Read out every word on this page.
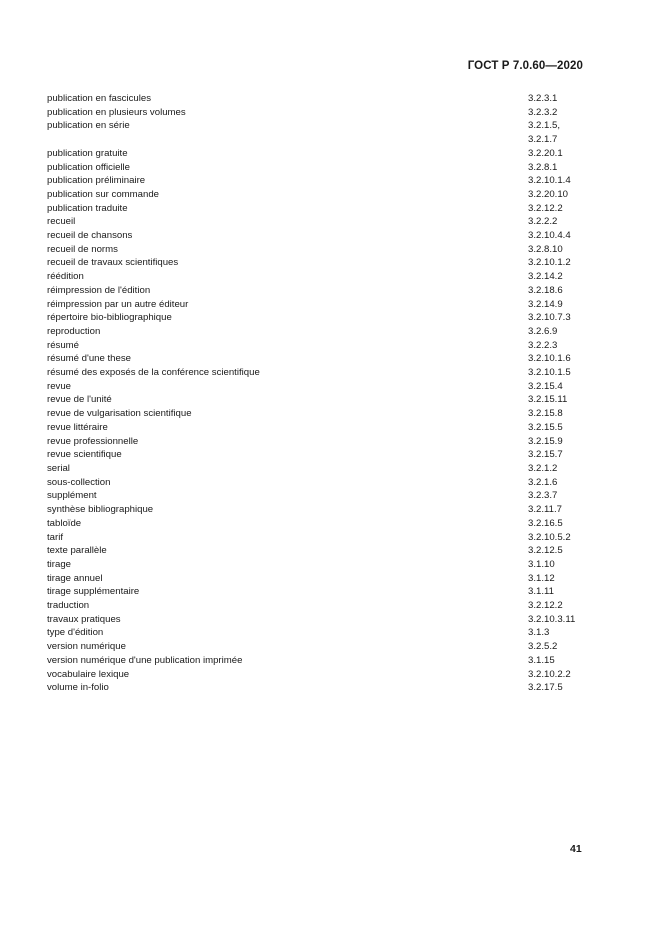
ГОСТ Р 7.0.60—2020
publication en fascicules	3.2.3.1
publication en plusieurs volumes	3.2.3.2
publication en série	3.2.1.5,
3.2.1.7
publication gratuite	3.2.20.1
publication officielle	3.2.8.1
publication préliminaire	3.2.10.1.4
publication sur commande	3.2.20.10
publication traduite	3.2.12.2
recueil	3.2.2.2
recueil de chansons	3.2.10.4.4
recueil de norms	3.2.8.10
recueil de travaux scientifiques	3.2.10.1.2
réédition	3.2.14.2
réimpression de l'édition	3.2.18.6
réimpression par un autre éditeur	3.2.14.9
répertoire bio-bibliographique	3.2.10.7.3
reproduction	3.2.6.9
résumé	3.2.2.3
résumé d'une these	3.2.10.1.6
résumé des exposés de la conférence scientifique	3.2.10.1.5
revue	3.2.15.4
revue de l'unité	3.2.15.11
revue de vulgarisation scientifique	3.2.15.8
revue littéraire	3.2.15.5
revue professionnelle	3.2.15.9
revue scientifique	3.2.15.7
serial	3.2.1.2
sous-collection	3.2.1.6
supplément	3.2.3.7
synthèse bibliographique	3.2.11.7
tabloïde	3.2.16.5
tarif	3.2.10.5.2
texte parallèle	3.2.12.5
tirage	3.1.10
tirage annuel	3.1.12
tirage supplémentaire	3.1.11
traduction	3.2.12.2
travaux pratiques	3.2.10.3.11
type d'édition	3.1.3
version numérique	3.2.5.2
version numérique d'une publication imprimée	3.1.15
vocabulaire lexique	3.2.10.2.2
volume in-folio	3.2.17.5
41
